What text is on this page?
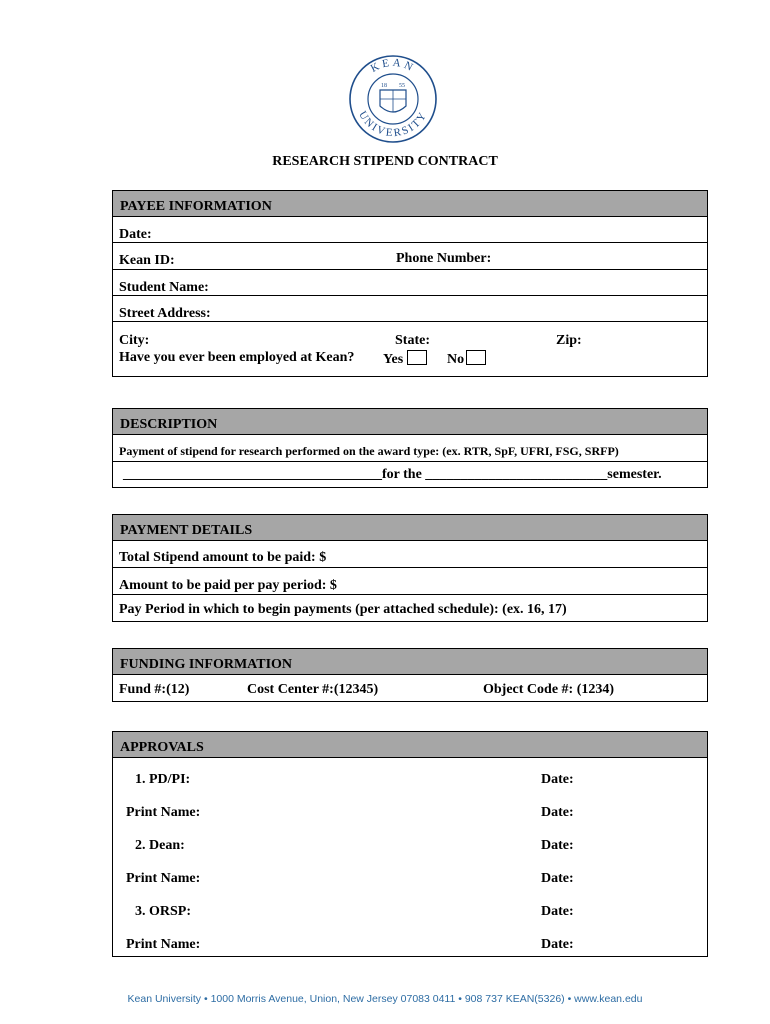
KEAN
UNIVERSITY
18 55
RESEARCH STIPEND CONTRACT
PAYEE INFORMATION
Date:
Kean ID:	Phone Number:
Student Name:
Street Address:
City:	State:	Zip:
Have you ever been employed at Kean? Yes	No
DESCRIPTION
Payment of stipend for research performed on the award type: (ex. RTR, SpF, UFRI, FSG, SRFP)
_____________________________________for the __________________________semester.
PAYMENT DETAILS
Total Stipend amount to be paid: $
Amount to be paid per pay period: $
Pay Period in which to begin payments (per attached schedule): (ex. 16, 17)
FUNDING INFORMATION
Fund #:(12)	Cost Center #:(12345)	Object Code #: (1234)
APPROVALS
1. PD/PI:	Date:
Print Name:	Date:
2. Dean:	Date:
Print Name:	Date:
3. ORSP:	Date:
Print Name:	Date:
Kean University • 1000 Morris Avenue, Union, New Jersey 07083 0411 • 908 737 KEAN(5326) • www.kean.edu
